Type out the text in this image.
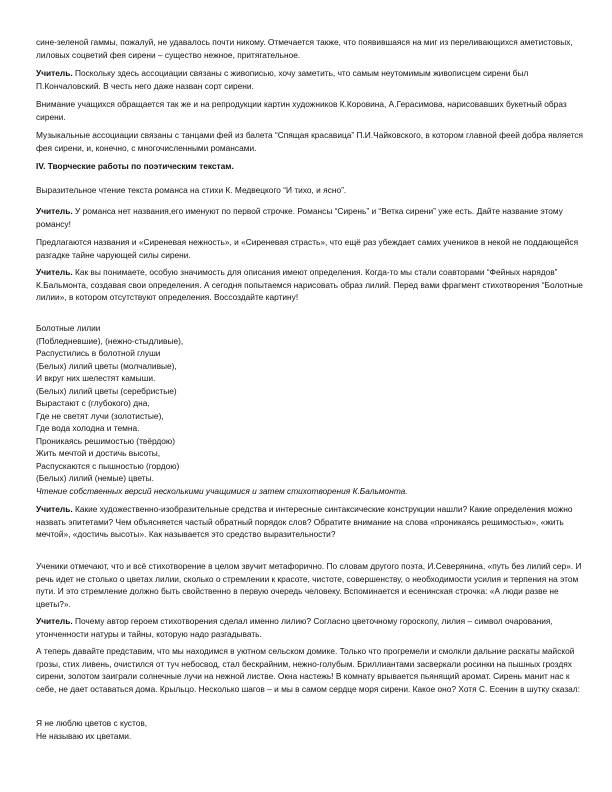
сине-зеленой гаммы, пожалуй, не удавалось почти никому. Отмечается также, что появившаяся на миг из переливающихся аметистовых, лиловых соцветий фея сирени – существо нежное, притягательное.

Учитель. Поскольку здесь ассоциации связаны с живописью, хочу заметить, что самым неутомимым живописцем сирени был П.Кончаловский. В честь него даже назван сорт сирени.

Внимание учащихся обращается так же и на репродукции картин художников К.Коровина, А.Герасимова, нарисовавших букетный образ сирени.

Музыкальные ассоциации связаны с танцами фей из балета “Спящая красавица” П.И.Чайковского, в котором главной феей добра является фея сирени, и, конечно, с многочисленными романсами.

IV. Творческие работы по поэтическим текстам.

Выразительное чтение текста романса на стихи К. Медвецкого “И тихо, и ясно”.

Учитель. У романса нет названия,его именуют по первой строчке. Романсы “Сирень” и “Ветка сирени” уже есть. Дайте название этому романсу!

Предлагаются названия и «Сиреневая нежность», и «Сиреневая страсть», что ещё раз убеждает самих учеников в некой не поддающейся разгадке тайне чарующей силы сирени.

Учитель. Как вы понимаете, особую значимость для описания имеют определения. Когда-то мы стали соавторами “Фейных нарядов” К.Бальмонта, создавая свои определения. А сегодня попытаемся нарисовать образ лилий. Перед вами фрагмент стихотворения “Болотные лилии», в котором отсутствуют определения. Воссоздайте картину!

Болотные лилии
(Побледневшие), (нежно-стыдливые),
Распустились в болотной глуши
(Белых) лилий цветы (молчаливые),
И вкруг них шелестят камыши.
(Белых) лилий цветы (серебристые)
Вырастают с (глубокого) дна,
Где не светят лучи (золотистые),
Где вода холодна и темна.
Проникаясь решимостью (твёрдою)
Жить мечтой и достичь высоты,
Распускаются с пышностью (гордою)
(Белых) лилий (немые) цветы.
Чтение собственных версий несколькими учащимися и затем стихотворения К.Бальмонта.

Учитель. Какие художественно-изобразительные средства и интересные синтаксические конструкции нашли? Какие определения можно назвать эпитетами? Чем объясняется частый обратный порядок слов? Обратите внимание на слова «проникаясь решимостью», «жить мечтой», «достичь высоты». Как называется это средство выразительности?

Ученики отмечают, что и всё стихотворение в целом звучит метафорично. По словам другого поэта, И.Северянина, «путь без лилий сер». И речь идет не столько о цветах лилии, сколько о стремлении к красоте, чистоте, совершенству, о необходимости усилия и терпения на этом пути. И это стремление должно быть свойственно в первую очередь человеку. Вспоминается и есенинская строчка: «А люди разве не цветы?».

Учитель. Почему автор героем стихотворения сделал именно лилию? Согласно цветочному гороскопу, лилия – символ очарования, утонченности натуры и тайны, которую надо разгадывать.

А теперь давайте представим, что мы находимся в уютном сельском домике. Только что прогремели и смолкли дальние раскаты майской грозы, стих ливень, очистился от туч небосвод, стал бескрайним, нежно-голубым. Бриллиантами засверкали росинки на пышных гроздях сирени, золотом заиграли солнечные лучи на нежной листве. Окна настежь! В комнату врывается пьянящий аромат. Сирень манит нас к себе, не дает оставаться дома. Крыльцо. Несколько шагов – и мы в самом сердце моря сирени. Какое оно? Хотя С. Есенин в шутку сказал:

Я не люблю цветов с кустов,
Не называю их цветами.
